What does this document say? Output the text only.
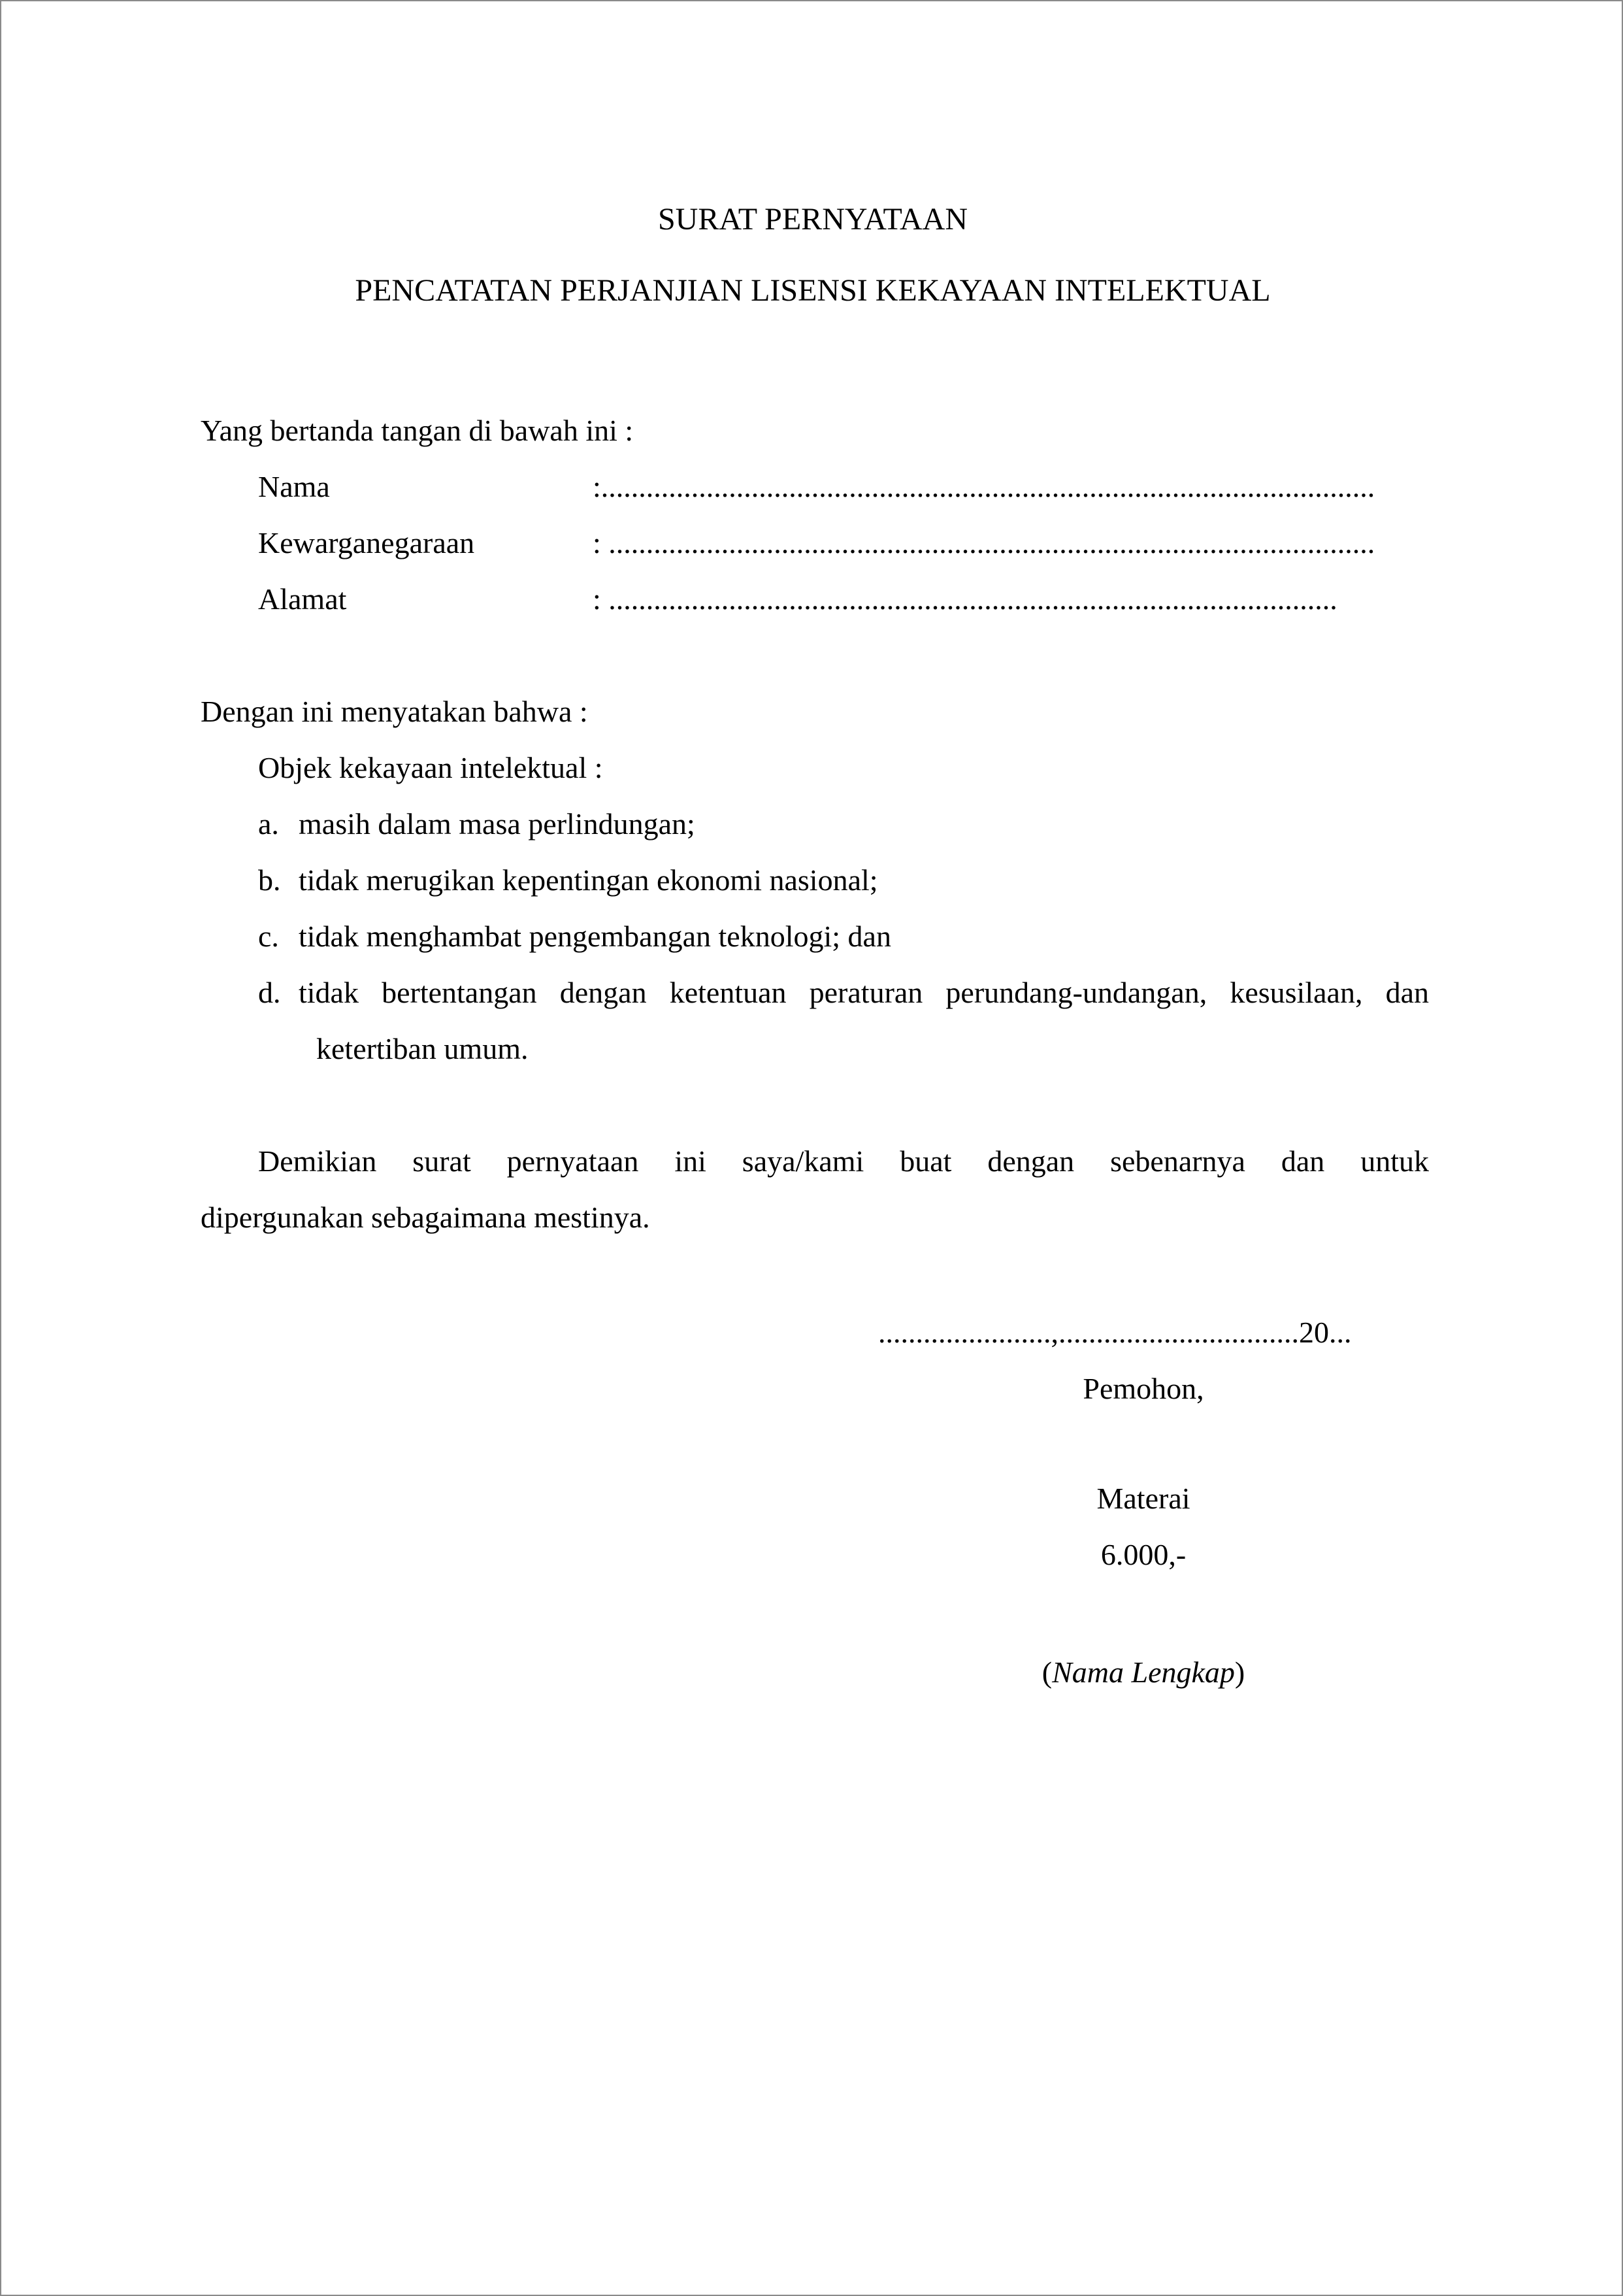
SURAT PERNYATAAN
PENCATATAN PERJANJIAN LISENSI KEKAYAAN INTELEKTUAL
Yang bertanda tangan di bawah ini :
Nama	:.......................................................................................................
Kewarganegaraan	: ......................................................................................................
Alamat	: .................................................................................................
Dengan ini menyatakan bahwa :
Objek kekayaan intelektual :
a. masih dalam masa perlindungan;
b. tidak merugikan kepentingan ekonomi nasional;
c. tidak menghambat pengembangan teknologi; dan
d. tidak bertentangan dengan ketentuan peraturan perundang-undangan, kesusilaan, dan
ketertiban umum.
Demikian surat pernyataan ini saya/kami buat dengan sebenarnya dan untuk
dipergunakan sebagaimana mestinya.
.......................,................................20...
Pemohon,
Materai
6.000,-
(Nama Lengkap)
